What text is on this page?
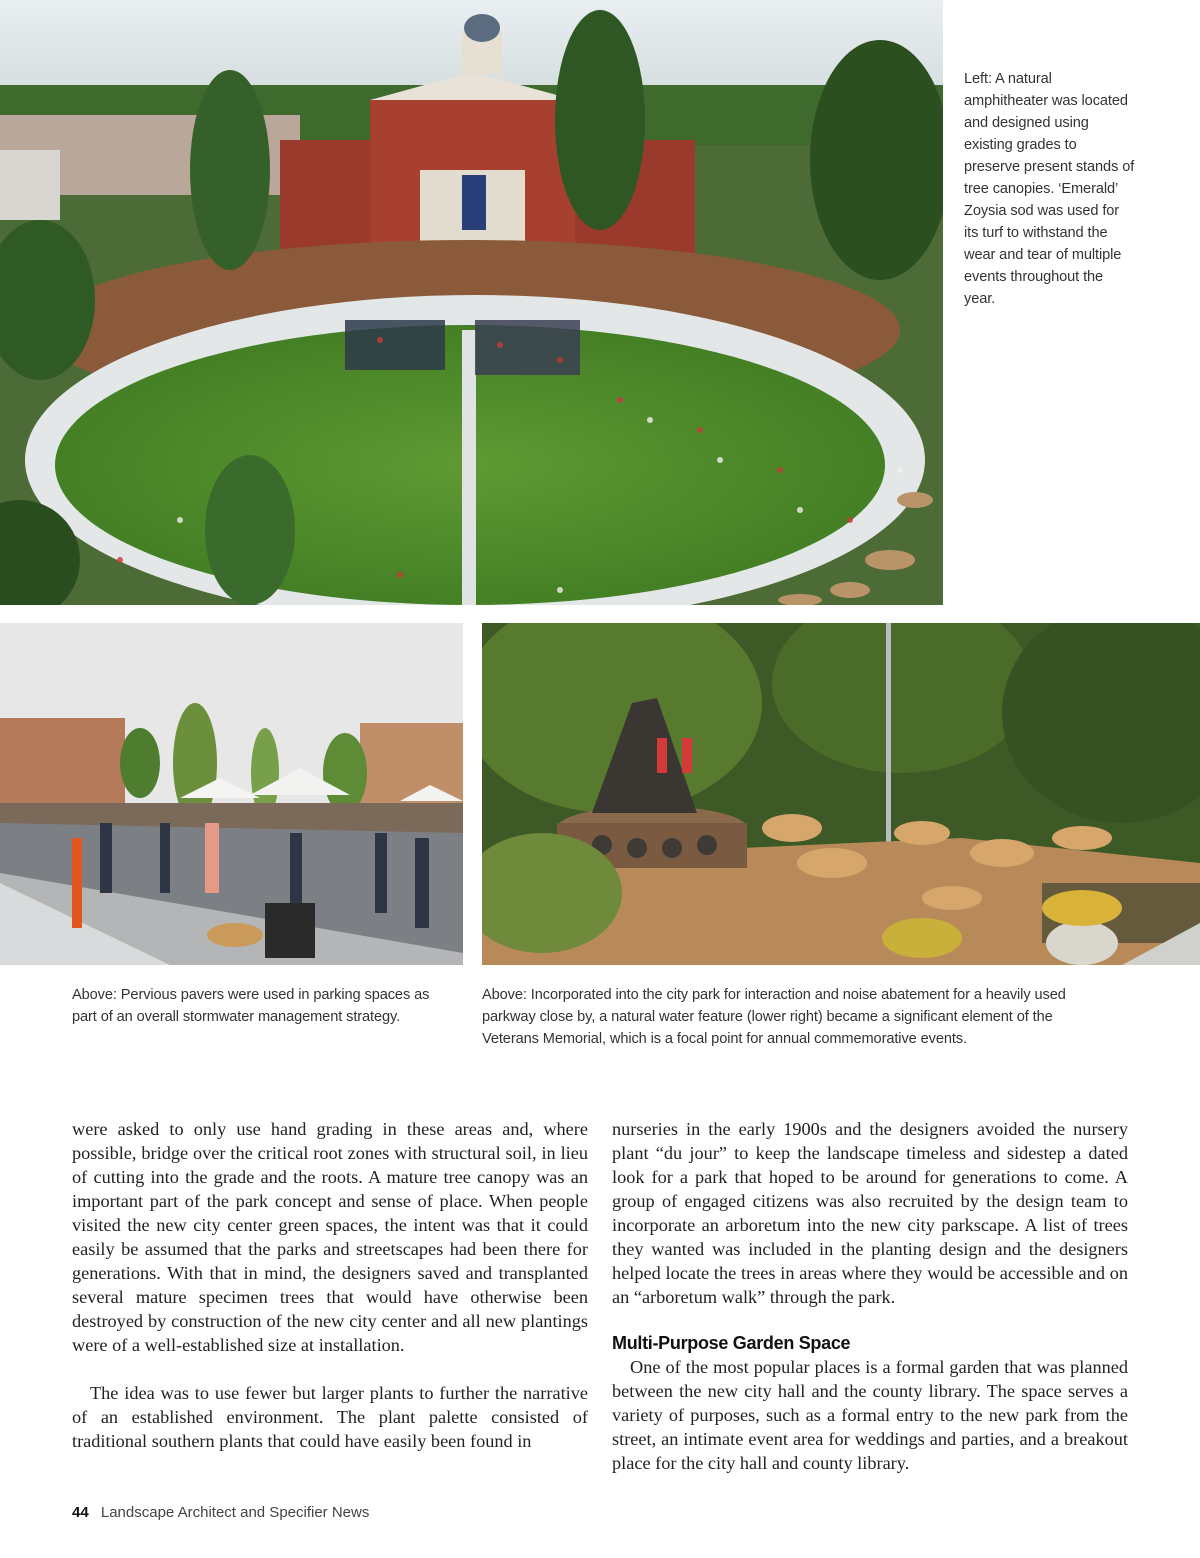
Left: A natural amphitheater was located and designed using existing grades to preserve present stands of tree canopies. ‘Emerald’ Zoysia sod was used for its turf to withstand the wear and tear of multiple events throughout the year.
Above: Pervious pavers were used in parking spaces as part of an overall stormwater management strategy.
Above: Incorporated into the city park for interaction and noise abatement for a heavily used parkway close by, a natural water feature (lower right) became a significant element of the Veterans Memorial, which is a focal point for annual commemorative events.

were asked to only use hand grading in these areas and, where possible, bridge over the critical root zones with structural soil, in lieu of cutting into the grade and the roots. A mature tree canopy was an important part of the park concept and sense of place. When people visited the new city center green spaces, the intent was that it could easily be assumed that the parks and streetscapes had been there for generations. With that in mind, the designers saved and transplanted several mature specimen trees that would have otherwise been destroyed by construction of the new city center and all new plantings were of a well-established size at installation.

The idea was to use fewer but larger plants to further the narrative of an established environment. The plant palette consisted of traditional southern plants that could have easily been found in

nurseries in the early 1900s and the designers avoided the nursery plant “du jour” to keep the landscape timeless and sidestep a dated look for a park that hoped to be around for generations to come. A group of engaged citizens was also recruited by the design team to incorporate an arboretum into the new city parkscape. A list of trees they wanted was included in the planting design and the designers helped locate the trees in areas where they would be accessible and on an “arboretum walk” through the park.

Multi-Purpose Garden Space

One of the most popular places is a formal garden that was planned between the new city hall and the county library. The space serves a variety of purposes, such as a formal entry to the new park from the street, an intimate event area for weddings and parties, and a breakout place for the city hall and county library.

44 Landscape Architect and Specifier News
